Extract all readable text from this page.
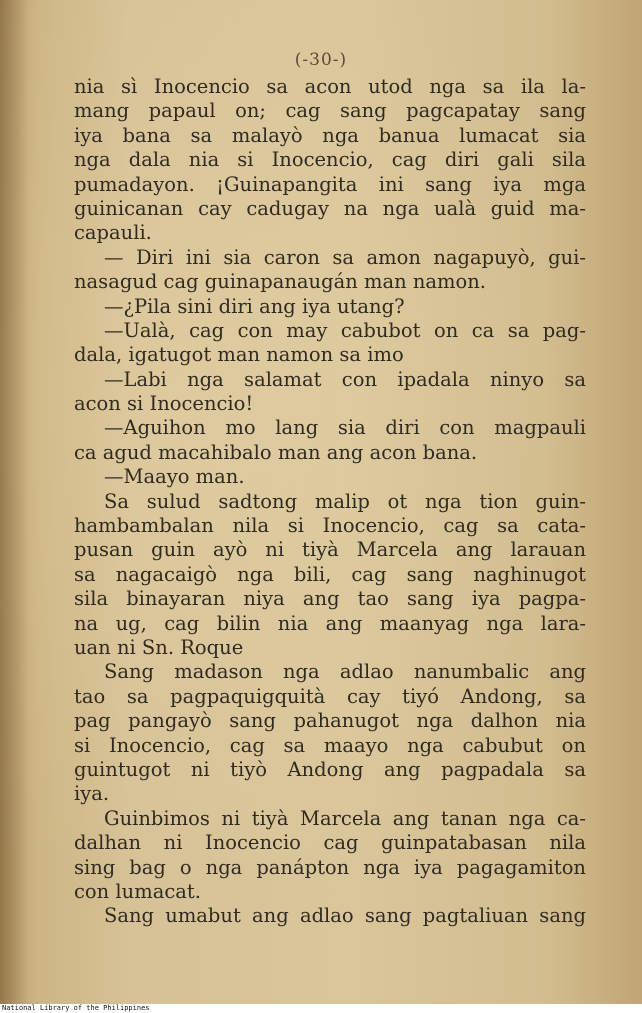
(-30-)
nia sì Inocencio sa acon utod nga sa ila la-
mang papaul on; cag sang pagcapatay sang
iya bana sa malayò nga banua lumacat sia
nga dala nia si Inocencio, cag diri gali sila
pumadayon. ¡Guinapangita ini sang iya mga
guinicanan cay cadugay na nga ualà guid ma-
capauli.
— Diri ini sia caron sa amon nagapuyò, gui-
nasagud cag guinapanaugán man namon.
—¿Pila sini diri ang iya utang?
—Ualà, cag con may cabubot on ca sa pag-
dala, igatugot man namon sa imo
—Labi nga salamat con ipadala ninyo sa
acon si Inocencio!
—Aguihon mo lang sia diri con magpauli
ca agud macahibalo man ang acon bana.
—Maayo man.
Sa sulud sadtong malip ot nga tion guin-
hambambalan nila si Inocencio, cag sa cata-
pusan guin ayò ni tiyà Marcela ang larauan
sa nagacaigò nga bili, cag sang naghinugot
sila binayaran niya ang tao sang iya pagpa-
na ug, cag bilin nia ang maanyag nga lara-
uan ni Sn. Roque
Sang madason nga adlao nanumbalic ang
tao sa pagpaquigquità cay tiyó Andong, sa
pag pangayò sang pahanugot nga dalhon nia
si Inocencio, cag sa maayo nga cabubut on
guintugot ni tiyò Andong ang pagpadala sa
iya.
Guinbimos ni tiyà Marcela ang tanan nga ca-
dalhan ni Inocencio cag guinpatabasan nila
sing bag o nga panápton nga iya pagagamiton
con lumacat.
Sang umabut ang adlao sang pagtaliuan sang
National Library of the Philippines
